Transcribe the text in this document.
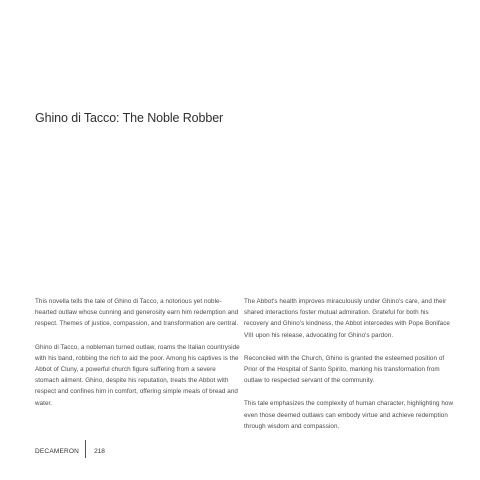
Ghino di Tacco: The Noble Robber

This novella tells the tale of Ghino di Tacco, a notorious yet noble-hearted outlaw whose cunning and generosity earn him redemption and respect. Themes of justice, compassion, and transformation are central.

Ghino di Tacco, a nobleman turned outlaw, roams the Italian countryside with his band, robbing the rich to aid the poor. Among his captives is the Abbot of Cluny, a powerful church figure suffering from a severe stomach ailment. Ghino, despite his reputation, treats the Abbot with respect and confines him in comfort, offering simple meals of bread and water.

The Abbot's health improves miraculously under Ghino's care, and their shared interactions foster mutual admiration. Grateful for both his recovery and Ghino's kindness, the Abbot intercedes with Pope Boniface VIII upon his release, advocating for Ghino's pardon.

Reconciled with the Church, Ghino is granted the esteemed position of Prior of the Hospital of Santo Spirito, marking his transformation from outlaw to respected servant of the community.

This tale emphasizes the complexity of human character, highlighting how even those deemed outlaws can embody virtue and achieve redemption through wisdom and compassion.

DECAMERON 218
